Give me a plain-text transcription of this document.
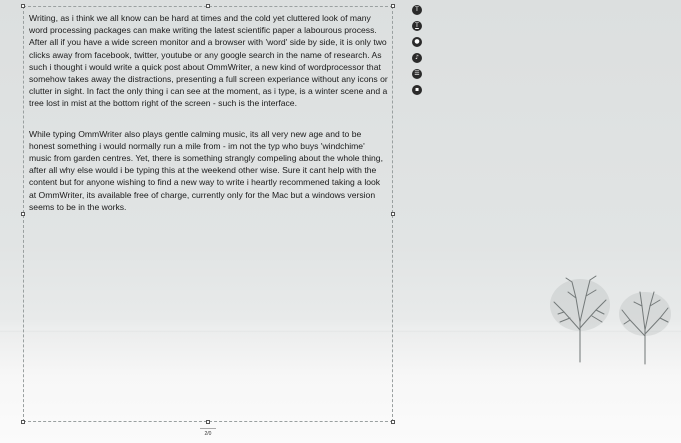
Writing, as i think we all know can be hard at times and the cold yet cluttered look of many word processing packages can make writing the latest scientific paper a labourous process. After all if you have a wide screen monitor and a browser with 'word' side by side, it is only two clicks away from facebook, twitter, youtube or any google search in the name of research. As such i thought i would write a quick post about OmmWriter, a new kind of wordprocessor that somehow takes away the distractions, presenting a full screen experiance without any icons or clutter in sight. In fact the only thing i can see at the moment, as i type, is a winter scene and a tree lost in mist at the bottom right of the screen - such is the interface.

While typing OmmWriter also plays gentle calming music, its all very new age and to be honest something i would normally run a mile from - im not the typ who buys 'windchime' music from garden centres. Yet, there is something strangly compeling about the whole thing, after all why else would i be typing this at the weekend other wise. Sure it cant help with the content but for anyone wishing to find a new way to write i heartly recommened taking a look at OmmWriter, its available free of charge, currently only for the Mac but a windows version seems to be in the works.

T
T
●
♪
☰
▪
2/0
